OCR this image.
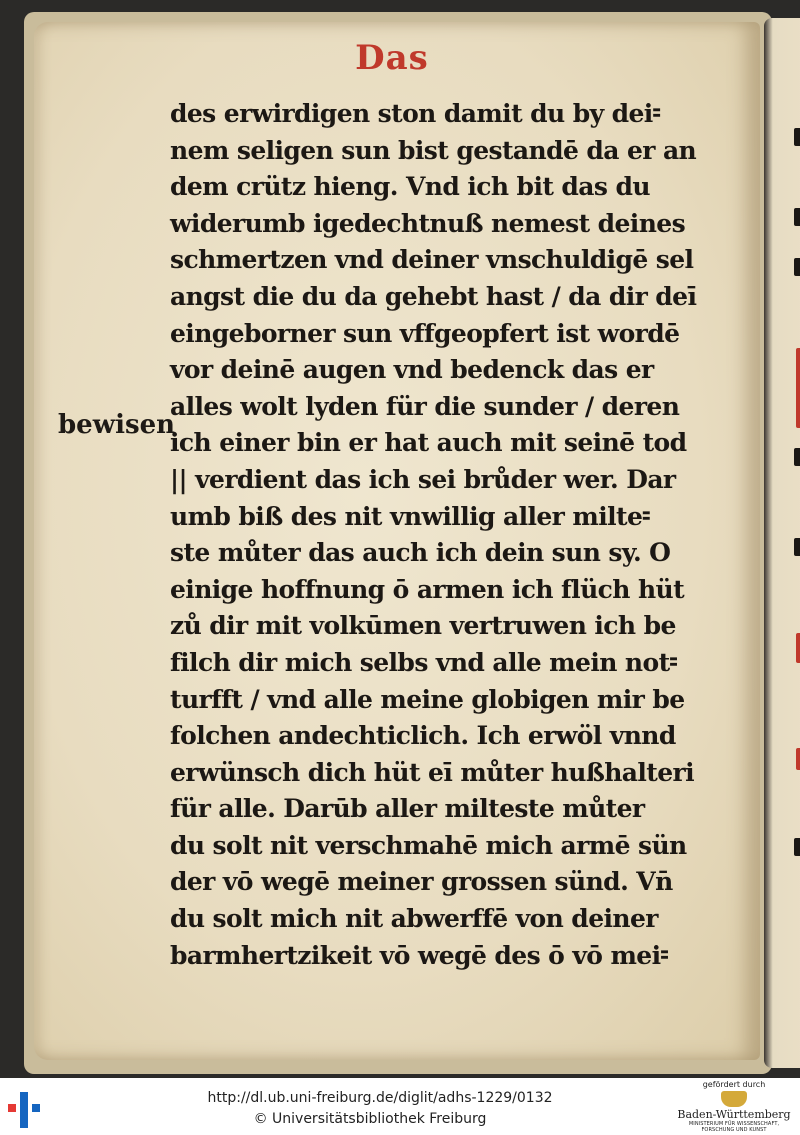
Das
bewisen
des erwirdigen ston damit du by dei⹀
nem seligen sun bist gestandē da er an
dem crütz hieng. Vnd ich bit das du
widerumb igedechtnuß nemest deines
schmertzen vnd deiner vnschuldigē sel
angst die du da gehebt hast / da dir deī
eingeborner sun vffgeopfert ist wordē
vor deinē augen vnd bedenck das er
alles wolt lyden für die sunder / deren
ich einer bin er hat auch mit seinē tod
|| verdient das ich sei brůder wer. Dar
umb biß des nit vnwillig aller milte⹀
ste můter das auch ich dein sun sy. O
einige hoffnung ō armen ich flüch hüt
zů dir mit volkūmen vertruwen ich be
filch dir mich selbs vnd alle mein not⹀
turfft / vnd alle meine globigen mir be
folchen andechticlich. Ich erwöl vnnd
erwünsch dich hüt eī můter hußhalteri
für alle. Darūb aller milteste můter
du solt nit verschmahē mich armē sün
der vō wegē meiner grossen sünd. Vn̄
du solt mich nit abwerffē von deiner
barmhertzikeit vō wegē des ō vō mei⹀
http://dl.ub.uni-freiburg.de/diglit/adhs-1229/0132
© Universitätsbibliothek Freiburg
gefördert durch
Baden-Württemberg
MINISTERIUM FÜR WISSENSCHAFT, FORSCHUNG UND KUNST
